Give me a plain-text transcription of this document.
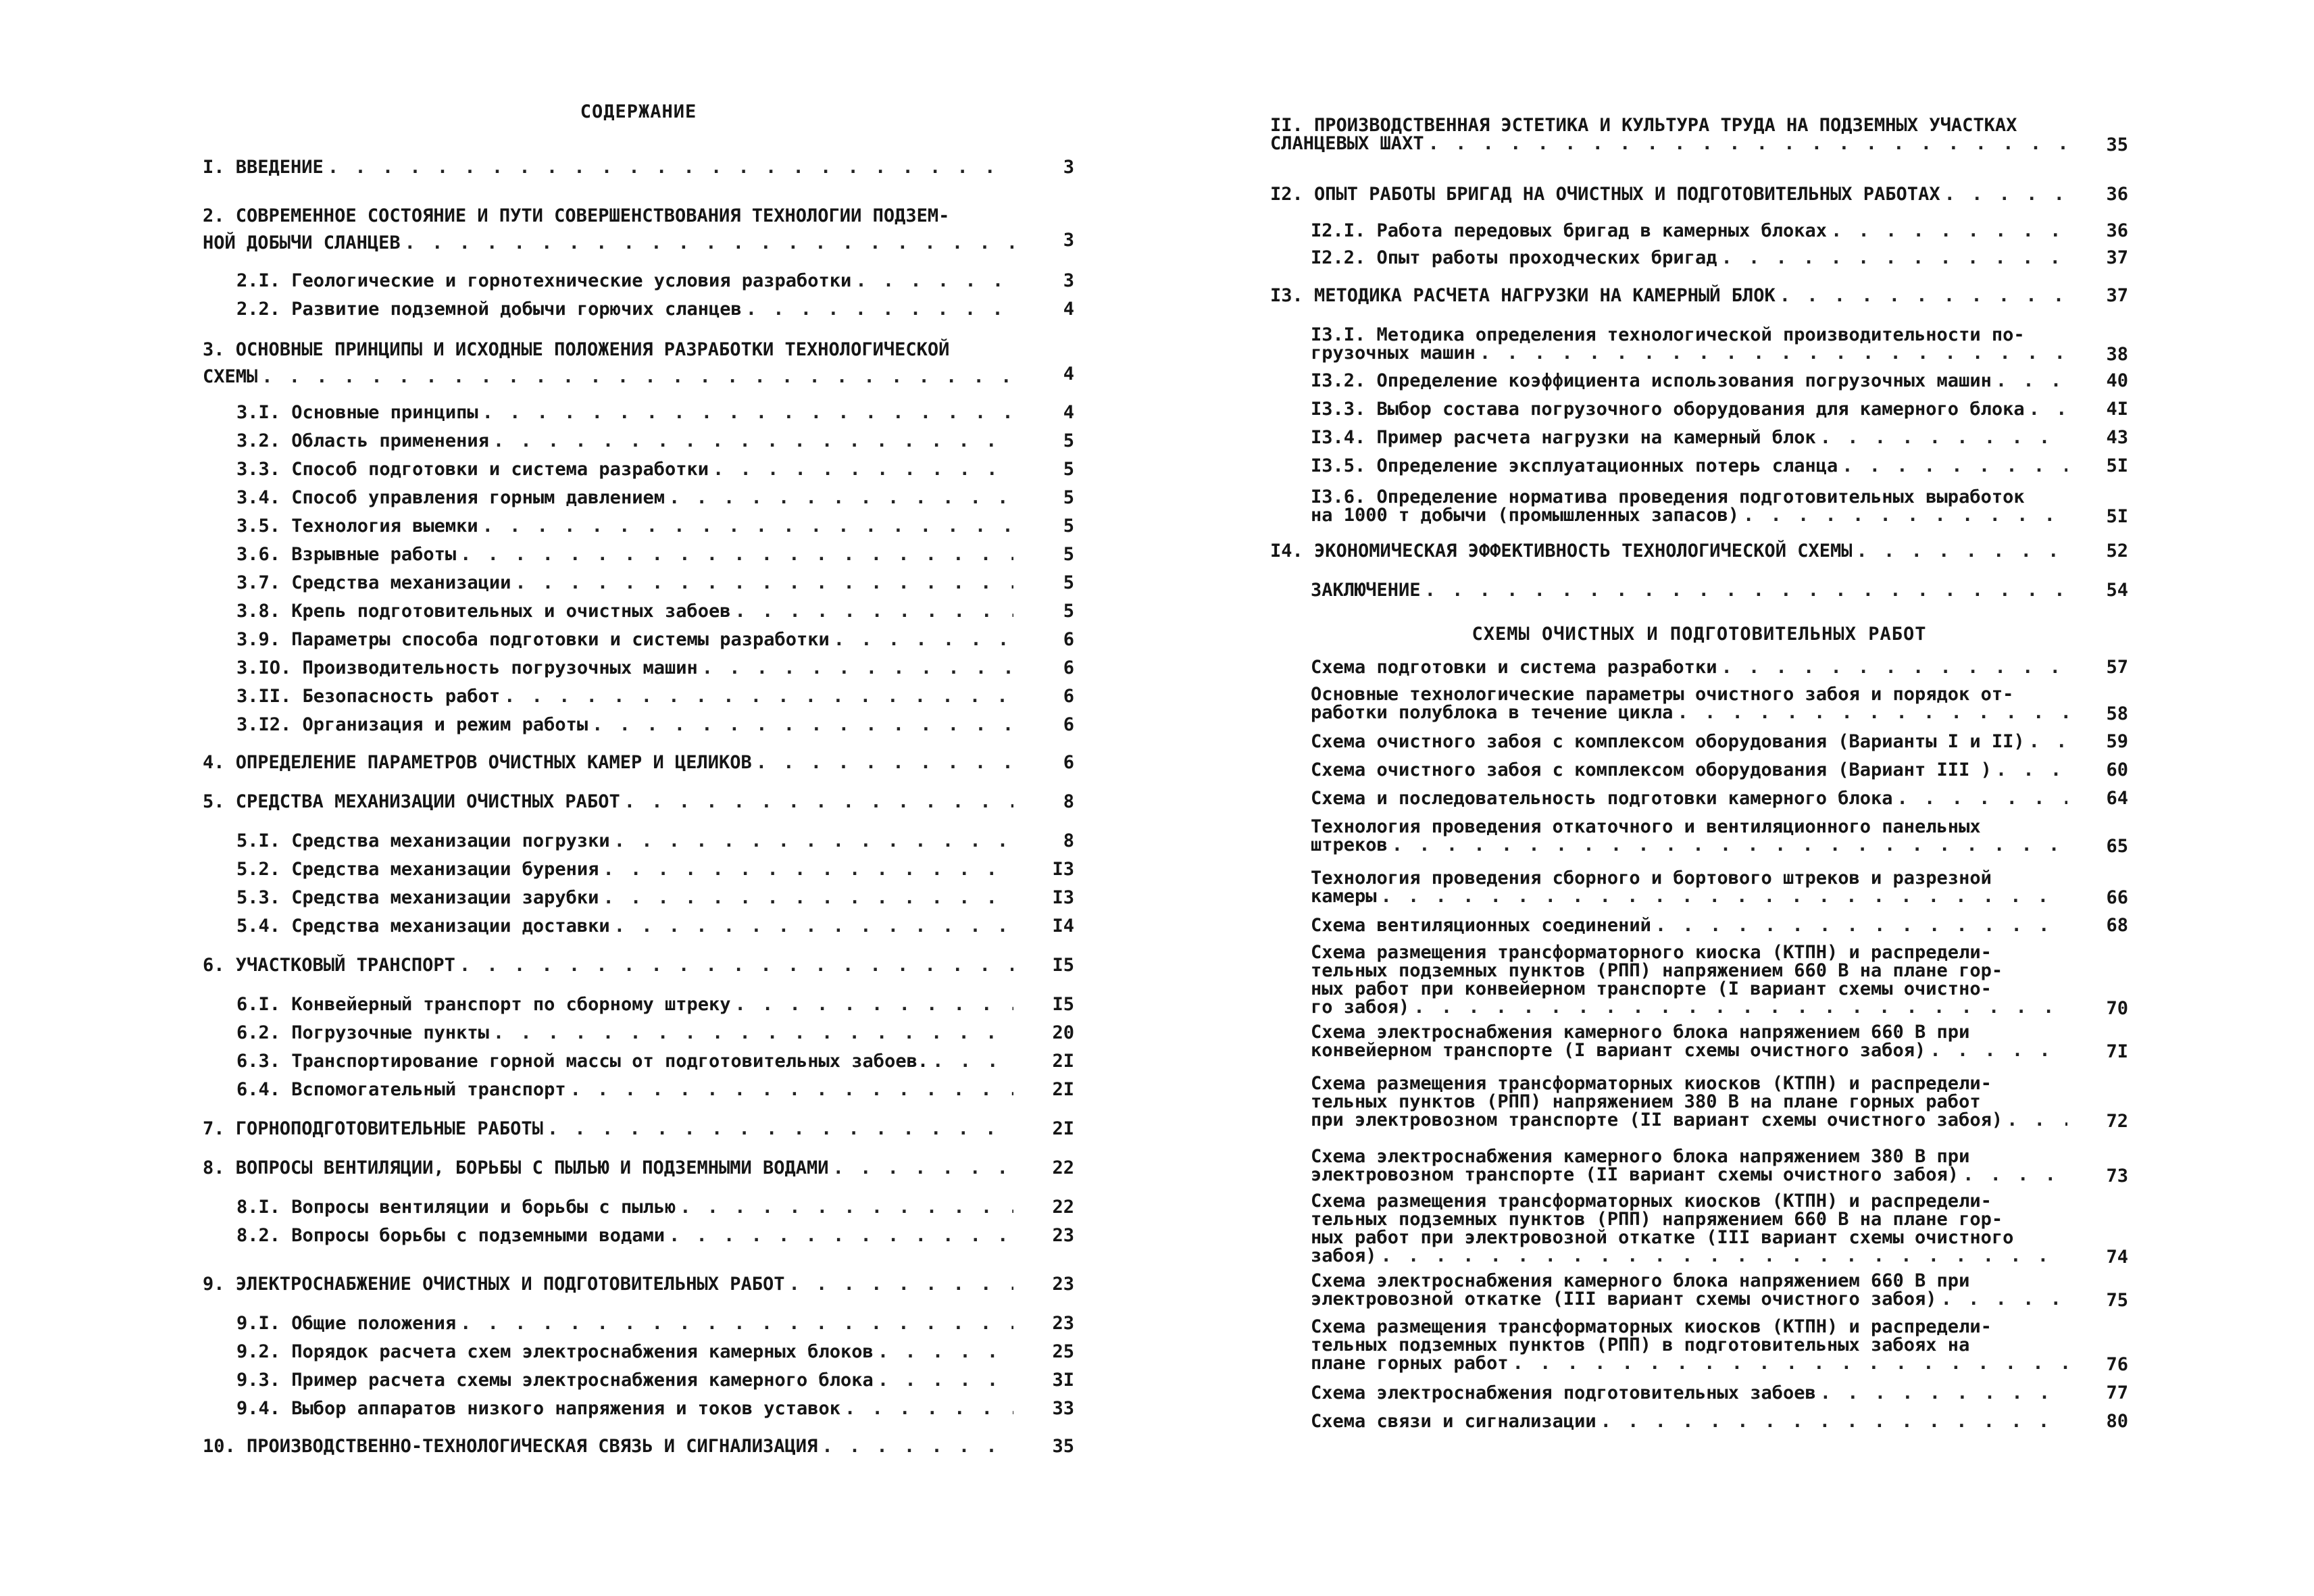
СОДЕРЖАНИЕ
I. ВВЕДЕНИЕ . . .	3
2. СОВРЕМЕННОЕ СОСТОЯНИЕ И ПУТИ СОВЕРШЕНСТВОВАНИЯ ТЕХНОЛОГИИ ПОДЗЕМ-
НОЙ ДОБЫЧИ СЛАНЦЕВ . . .	3
2.I. Геологические и горнотехнические условия разработки . . .	3
2.2. Развитие подземной добычи горючих сланцев . . .	4
3. ОСНОВНЫЕ ПРИНЦИПЫ И ИСХОДНЫЕ ПОЛОЖЕНИЯ РАЗРАБОТКИ ТЕХНОЛОГИЧЕСКОЙ
СХЕМЫ . . .	4
3.I. Основные принципы . . .	4
3.2. Область применения . . .	5
3.3. Способ подготовки и система разработки . . .	5
3.4. Способ управления горным давлением . . .	5
3.5. Технология выемки . . .	5
3.6. Взрывные работы . . .	5
3.7. Средства механизации . . .	5
3.8. Крепь подготовительных и очистных забоев . . .	5
3.9. Параметры способа подготовки и системы разработки . . .	6
3.IO. Производительность погрузочных машин . . .	6
3.II. Безопасность работ . . .	6
3.I2. Организация и режим работы . . .	6
4. ОПРЕДЕЛЕНИЕ ПАРАМЕТРОВ ОЧИСТНЫХ КАМЕР И ЦЕЛИКОВ . . .	6
5. СРЕДСТВА МЕХАНИЗАЦИИ ОЧИСТНЫХ РАБОТ . . .	8
5.I. Средства механизации погрузки . . .	8
5.2. Средства механизации бурения . . .	I3
5.3. Средства механизации зарубки . . .	I3
5.4. Средства механизации доставки . . .	I4
6. УЧАСТКОВЫЙ ТРАНСПОРТ . . .	I5
6.I. Конвейерный транспорт по сборному штреку . . .	I5
6.2. Погрузочные пункты . . .	20
6.3. Транспортирование горной массы от подготовительных забоев. . . .	2I
6.4. Вспомогательный транспорт . . .	2I
7. ГОРНОПОДГОТОВИТЕЛЬНЫЕ РАБОТЫ . . .	2I
8. ВОПРОСЫ ВЕНТИЛЯЦИИ, БОРЬБЫ С ПЫЛЬЮ И ПОДЗЕМНЫМИ ВОДАМИ . . .	22
8.I. Вопросы вентиляции и борьбы с пылью . . .	22
8.2. Вопросы борьбы с подземными водами . . .	23
9. ЭЛЕКТРОСНАБЖЕНИЕ ОЧИСТНЫХ И ПОДГОТОВИТЕЛЬНЫХ РАБОТ . . .	23
9.I. Общие положения . . .	23
9.2. Порядок расчета схем электроснабжения камерных блоков . . .	25
9.3. Пример расчета схемы электроснабжения камерного блока . . .	3I
9.4. Выбор аппаратов низкого напряжения и токов уставок . . .	33
10. ПРОИЗВОДСТВЕННО-ТЕХНОЛОГИЧЕСКАЯ СВЯЗЬ И СИГНАЛИЗАЦИЯ . . .	35
СХЕМЫ ОЧИСТНЫХ И ПОДГОТОВИТЕЛЬНЫХ РАБОТ
II. ПРОИЗВОДСТВЕННАЯ ЭСТЕТИКА И КУЛЬТУРА ТРУДА НА ПОДЗЕМНЫХ УЧАСТКАХ
СЛАНЦЕВЫХ ШАХТ . . .	35
I2. ОПЫТ РАБОТЫ БРИГАД НА ОЧИСТНЫХ И ПОДГОТОВИТЕЛЬНЫХ РАБОТАХ . . .	36
I2.I. Работа передовых бригад в камерных блоках . . .	36
I2.2. Опыт работы проходческих бригад . . .	37
I3. МЕТОДИКА РАСЧЕТА НАГРУЗКИ НА КАМЕРНЫЙ БЛОК . . .	37
I3.I. Методика определения технологической производительности по-
грузочных машин . . .	38
I3.2. Определение коэффициента использования погрузочных машин . . .	40
I3.3. Выбор состава погрузочного оборудования для камерного блока . . .	4I
I3.4. Пример расчета нагрузки на камерный блок . . .	43
I3.5. Определение эксплуатационных потерь сланца . . .	5I
I3.6. Определение норматива проведения подготовительных выработок
на 1000 т добычи (промышленных запасов) . . .	5I
I4. ЭКОНОМИЧЕСКАЯ ЭФФЕКТИВНОСТЬ ТЕХНОЛОГИЧЕСКОЙ СХЕМЫ . . .	52
ЗАКЛЮЧЕНИЕ . . .	54
Схема подготовки и система разработки . . .	57
Основные технологические параметры очистного забоя и порядок от-
работки полублока в течение цикла . . .	58
Схема очистного забоя с комплексом оборудования (Варианты I и II) . . .	59
Схема очистного забоя с комплексом оборудования (Вариант III ) . . .	60
Схема и последовательность подготовки камерного блока . . .	64
Технология проведения откаточного и вентиляционного панельных
штреков . . .	65
Технология проведения сборного и бортового штреков и разрезной
камеры . . .	66
Схема вентиляционных соединений . . .	68
Схема размещения трансформаторного киоска (КТПН) и распредели-
тельных подземных пунктов (РПП) напряжением 660 В на плане гор-
ных работ при конвейерном транспорте (I вариант схемы очистно-
го забоя) . . .	70
Схема электроснабжения камерного блока напряжением 660 В при
конвейерном транспорте (I вариант схемы очистного забоя) . . .	7I
Схема размещения трансформаторных киосков (КТПН) и распредели-
тельных пунктов (РПП) напряжением 380 В на плане горных работ
при электровозном транспорте (II вариант схемы очистного забоя) . . .	72
Схема электроснабжения камерного блока напряжением 380 В при
электровозном транспорте (II вариант схемы очистного забоя) . . .	73
Схема размещения трансформаторных киосков (КТПН) и распредели-
тельных подземных пунктов (РПП) напряжением 660 В на плане гор-
ных работ при электровозной откатке (III вариант схемы очистного
забоя) . . .	74
Схема электроснабжения камерного блока напряжением 660 В при
электровозной откатке (III вариант схемы очистного забоя) . . .	75
Схема размещения трансформаторных киосков (КТПН) и распредели-
тельных подземных пунктов (РПП) в подготовительных забоях на
плане горных работ . . .	76
Схема электроснабжения подготовительных забоев . . .	77
Схема связи и сигнализации . . .	80
